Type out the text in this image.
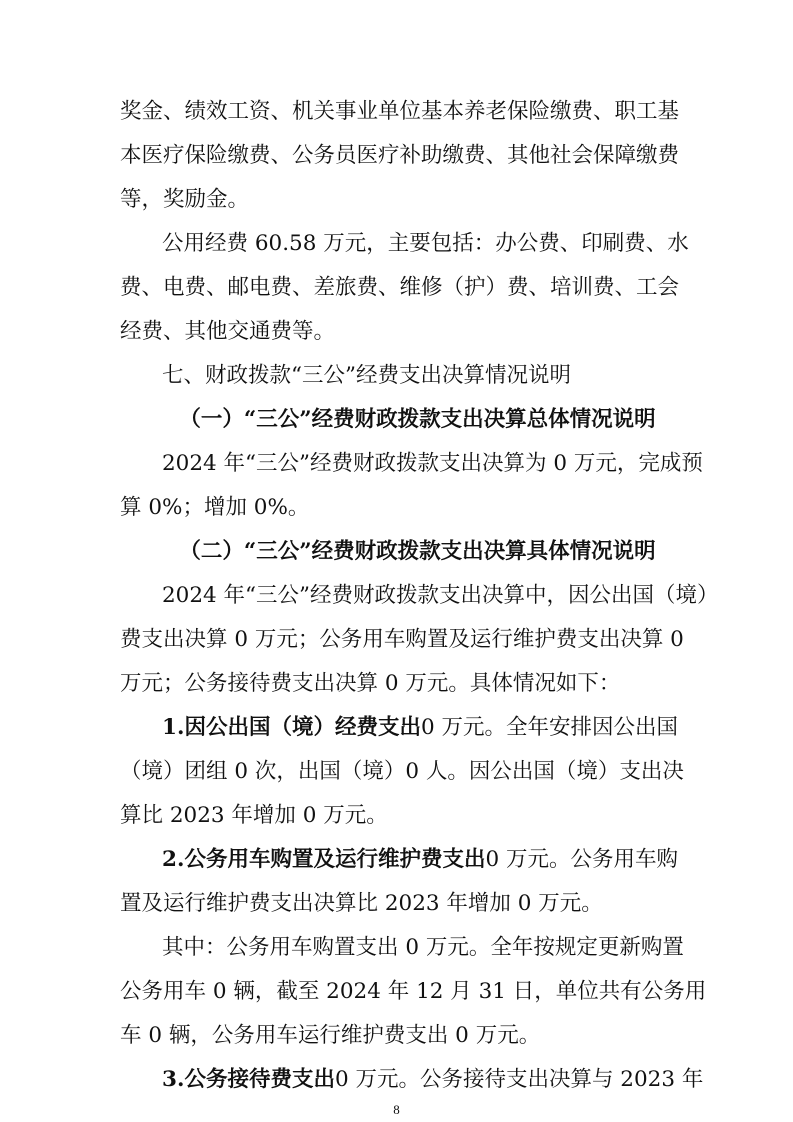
奖金、绩效工资、机关事业单位基本养老保险缴费、职工基
本医疗保险缴费、公务员医疗补助缴费、其他社会保障缴费
等，奖励金。
公用经费 60.58 万元，主要包括：办公费、印刷费、水
费、电费、邮电费、差旅费、维修（护）费、培训费、工会
经费、其他交通费等。
七、财政拨款“三公”经费支出决算情况说明
（一）“三公”经费财政拨款支出决算总体情况说明
2024 年“三公”经费财政拨款支出决算为 0 万元，完成预
算 0%；增加 0%。
（二）“三公”经费财政拨款支出决算具体情况说明
2024 年“三公”经费财政拨款支出决算中，因公出国（境）
费支出决算 0 万元；公务用车购置及运行维护费支出决算 0
万元；公务接待费支出决算 0 万元。具体情况如下：
1.因公出国（境）经费支出0 万元。全年安排因公出国
（境）团组 0 次，出国（境）0 人。因公出国（境）支出决
算比 2023 年增加 0 万元。
2.公务用车购置及运行维护费支出0 万元。公务用车购
置及运行维护费支出决算比 2023 年增加 0 万元。
其中：公务用车购置支出 0 万元。全年按规定更新购置
公务用车 0 辆，截至 2024 年 12 月 31 日，单位共有公务用
车 0 辆，公务用车运行维护费支出 0 万元。
3.公务接待费支出0 万元。公务接待支出决算与 2023 年
8
